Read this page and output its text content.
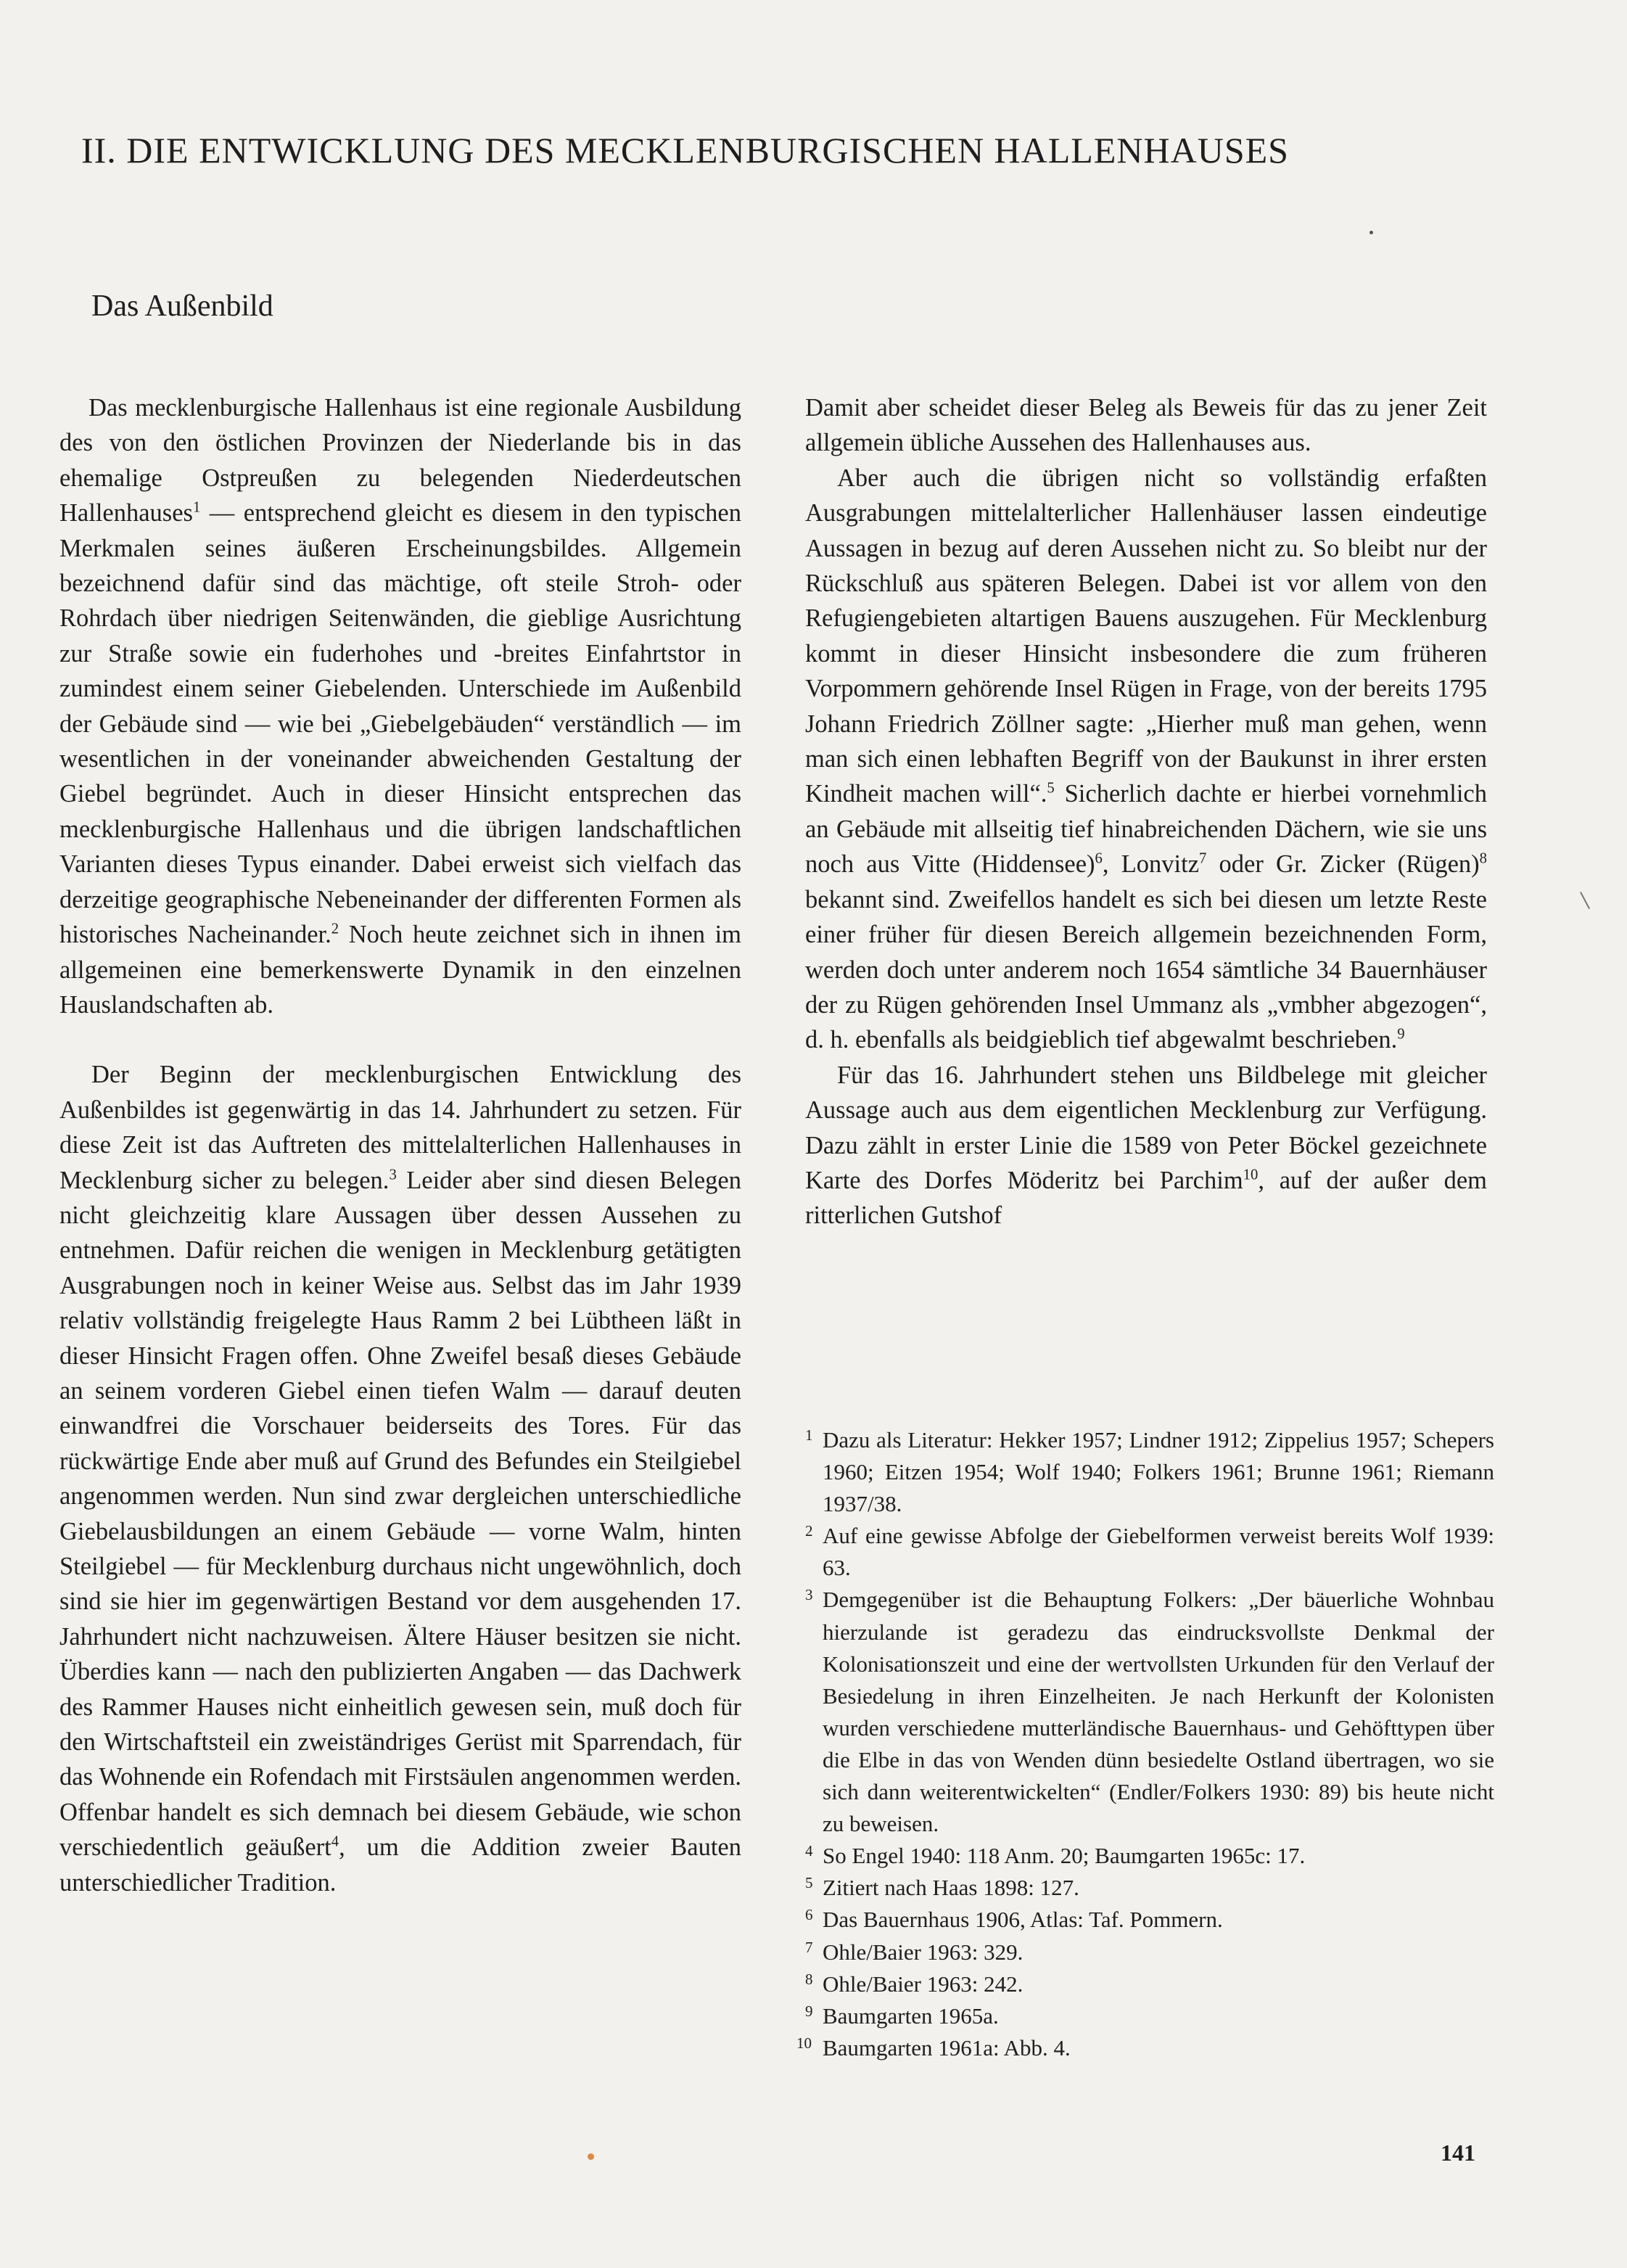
II. DIE ENTWICKLUNG DES MECKLENBURGISCHEN HALLENHAUSES
Das Außenbild

Das mecklenburgische Hallenhaus ist eine regionale Ausbildung des von den östlichen Provinzen der Niederlande bis in das ehemalige Ostpreußen zu belegenden Niederdeutschen Hallenhauses$^1$ — entsprechend gleicht es diesem in den typischen Merkmalen seines äußeren Erscheinungsbildes. Allgemein bezeichnend dafür sind das mächtige, oft steile Stroh- oder Rohrdach über niedrigen Seitenwänden, die gieblige Ausrichtung zur Straße sowie ein fuderhohes und -breites Einfahrtstor in zumindest einem seiner Giebelenden. Unterschiede im Außenbild der Gebäude sind — wie bei „Giebelgebäuden“ verständlich — im wesentlichen in der voneinander abweichenden Gestaltung der Giebel begründet. Auch in dieser Hinsicht entsprechen das mecklenburgische Hallenhaus und die übrigen landschaftlichen Varianten dieses Typus einander. Dabei erweist sich vielfach das derzeitige geographische Nebeneinander der differenten Formen als historisches Nacheinander.$^2$ Noch heute zeichnet sich in ihnen im allgemeinen eine bemerkenswerte Dynamik in den einzelnen Hauslandschaften ab.

Der Beginn der mecklenburgischen Entwicklung des Außenbildes ist gegenwärtig in das 14. Jahrhundert zu setzen. Für diese Zeit ist das Auftreten des mittelalterlichen Hallenhauses in Mecklenburg sicher zu belegen.$^3$ Leider aber sind diesen Belegen nicht gleichzeitig klare Aussagen über dessen Aussehen zu entnehmen. Dafür reichen die wenigen in Mecklenburg getätigten Ausgrabungen noch in keiner Weise aus. Selbst das im Jahr 1939 relativ vollständig freigelegte Haus Ramm 2 bei Lübtheen läßt in dieser Hinsicht Fragen offen. Ohne Zweifel besaß dieses Gebäude an seinem vorderen Giebel einen tiefen Walm — darauf deuten einwandfrei die Vorschauer beiderseits des Tores. Für das rückwärtige Ende aber muß auf Grund des Befundes ein Steilgiebel angenommen werden. Nun sind zwar dergleichen unterschiedliche Giebelausbildungen an einem Gebäude — vorne Walm, hinten Steilgiebel — für Mecklenburg durchaus nicht ungewöhnlich, doch sind sie hier im gegenwärtigen Bestand vor dem ausgehenden 17. Jahrhundert nicht nachzuweisen. Ältere Häuser besitzen sie nicht. Überdies kann — nach den publizierten Angaben — das Dachwerk des Rammer Hauses nicht einheitlich gewesen sein, muß doch für den Wirtschaftsteil ein zweiständriges Gerüst mit Sparrendach, für das Wohnende ein Rofendach mit Firstsäulen angenommen werden. Offenbar handelt es sich demnach bei diesem Gebäude, wie schon verschiedentlich geäußert$^4$, um die Addition zweier Bauten unterschiedlicher Tradition.

Damit aber scheidet dieser Beleg als Beweis für das zu jener Zeit allgemein übliche Aussehen des Hallenhauses aus.

Aber auch die übrigen nicht so vollständig erfaßten Ausgrabungen mittelalterlicher Hallenhäuser lassen eindeutige Aussagen in bezug auf deren Aussehen nicht zu. So bleibt nur der Rückschluß aus späteren Belegen. Dabei ist vor allem von den Refugiengebieten altartigen Bauens auszugehen. Für Mecklenburg kommt in dieser Hinsicht insbesondere die zum früheren Vorpommern gehörende Insel Rügen in Frage, von der bereits 1795 Johann Friedrich Zöllner sagte: „Hierher muß man gehen, wenn man sich einen lebhaften Begriff von der Baukunst in ihrer ersten Kindheit machen will“.$^5$ Sicherlich dachte er hierbei vornehmlich an Gebäude mit allseitig tief hinabreichenden Dächern, wie sie uns noch aus Vitte (Hiddensee)$^6$, Lonvitz$^7$ oder Gr. Zicker (Rügen)$^8$ bekannt sind. Zweifellos handelt es sich bei diesen um letzte Reste einer früher für diesen Bereich allgemein bezeichnenden Form, werden doch unter anderem noch 1654 sämtliche 34 Bauernhäuser der zu Rügen gehörenden Insel Ummanz als „vmbher abgezogen“, d. h. ebenfalls als beidgieblich tief abgewalmt beschrieben.$^9$

Für das 16. Jahrhundert stehen uns Bildbelege mit gleicher Aussage auch aus dem eigentlichen Mecklenburg zur Verfügung. Dazu zählt in erster Linie die 1589 von Peter Böckel gezeichnete Karte des Dorfes Möderitz bei Parchim$^{10}$, auf der außer dem ritterlichen Gutshof

1 Dazu als Literatur: Hekker 1957; Lindner 1912; Zippelius 1957; Schepers 1960; Eitzen 1954; Wolf 1940; Folkers 1961; Brunne 1961; Riemann 1937/38.
2 Auf eine gewisse Abfolge der Giebelformen verweist bereits Wolf 1939: 63.
3 Demgegenüber ist die Behauptung Folkers: „Der bäuerliche Wohnbau hierzulande ist geradezu das eindrucksvollste Denkmal der Kolonisationszeit und eine der wertvollsten Urkunden für den Verlauf der Besiedelung in ihren Einzelheiten. Je nach Herkunft der Kolonisten wurden verschiedene mutterländische Bauernhaus- und Gehöfttypen über die Elbe in das von Wenden dünn besiedelte Ostland übertragen, wo sie sich dann weiterentwickelten“ (Endler/Folkers 1930: 89) bis heute nicht zu beweisen.
4 So Engel 1940: 118 Anm. 20; Baumgarten 1965c: 17.
5 Zitiert nach Haas 1898: 127.
6 Das Bauernhaus 1906, Atlas: Taf. Pommern.
7 Ohle/Baier 1963: 329.
8 Ohle/Baier 1963: 242.
9 Baumgarten 1965a.
10 Baumgarten 1961a: Abb. 4.
141
